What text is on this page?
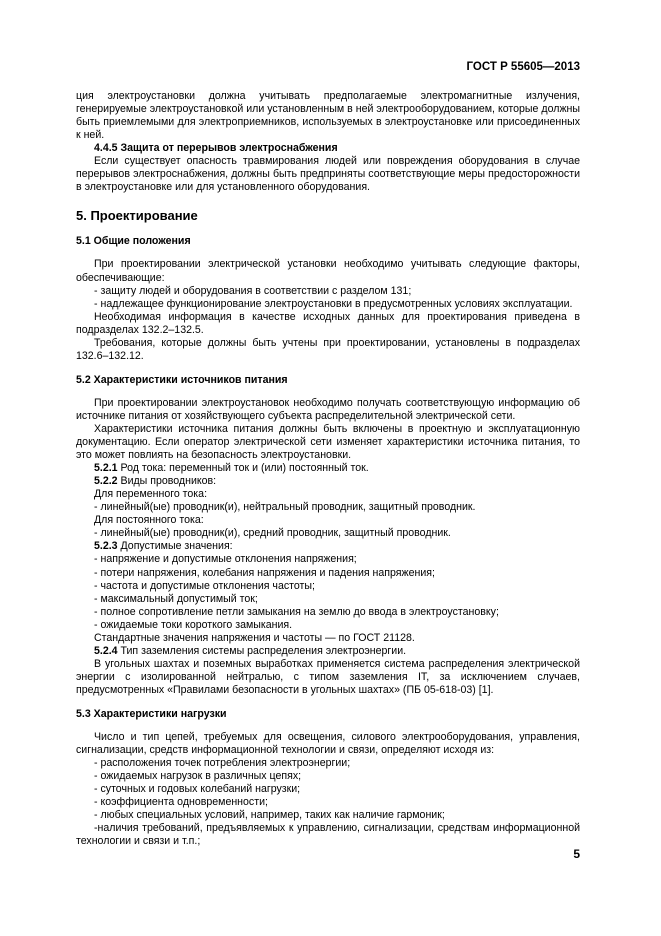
ГОСТ Р 55605—2013

ция электроустановки должна учитывать предполагаемые электромагнитные излучения, генерируемые электроустановкой или установленным в ней электрооборудованием, которые должны быть приемлемыми для электроприемников, используемых в электроустановке или присоединенных к ней.

4.4.5 Защита от перерывов электроснабжения

Если существует опасность травмирования людей или повреждения оборудования в случае перерывов электроснабжения, должны быть предприняты соответствующие меры предосторожности в электроустановке или для установленного оборудования.

5. Проектирование

5.1 Общие положения

При проектировании электрической установки необходимо учитывать следующие факторы, обеспечивающие:

- защиту людей и оборудования в соответствии с разделом 131;

- надлежащее функционирование электроустановки в предусмотренных условиях эксплуатации.

Необходимая информация в качестве исходных данных для проектирования приведена в подразделах 132.2–132.5.

Требования, которые должны быть учтены при проектировании, установлены в подразделах 132.6–132.12.

5.2 Характеристики источников питания

При проектировании электроустановок необходимо получать соответствующую информацию об источнике питания от хозяйствующего субъекта распределительной электрической сети.

Характеристики источника питания должны быть включены в проектную и эксплуатационную документацию. Если оператор электрической сети изменяет характеристики источника питания, то это может повлиять на безопасность электроустановки.

5.2.1 Род тока: переменный ток и (или) постоянный ток.

5.2.2 Виды проводников:

Для переменного тока:

- линейный(ые) проводник(и), нейтральный проводник, защитный проводник.

Для постоянного тока:

- линейный(ые) проводник(и), средний проводник, защитный проводник.

5.2.3 Допустимые значения:

- напряжение и допустимые отклонения напряжения;

- потери напряжения, колебания напряжения и падения напряжения;

- частота и допустимые отклонения частоты;

- максимальный допустимый ток;

- полное сопротивление петли замыкания на землю до ввода в электроустановку;

- ожидаемые токи короткого замыкания.

Стандартные значения напряжения и частоты — по ГОСТ 21128.

5.2.4 Тип заземления системы распределения электроэнергии.

В угольных шахтах и поземных выработках применяется система распределения электрической энергии с изолированной нейтралью, с типом заземления IT, за исключением случаев, предусмотренных «Правилами безопасности в угольных шахтах» (ПБ 05-618-03) [1].

5.3 Характеристики нагрузки

Число и тип цепей, требуемых для освещения, силового электрооборудования, управления, сигнализации, средств информационной технологии и связи, определяют исходя из:

- расположения точек потребления электроэнергии;

- ожидаемых нагрузок в различных цепях;

- суточных и годовых колебаний нагрузки;

- коэффициента одновременности;

- любых специальных условий, например, таких как наличие гармоник;

-наличия требований, предъявляемых к управлению, сигнализации, средствам информационной технологии и связи и т.п.;

5
